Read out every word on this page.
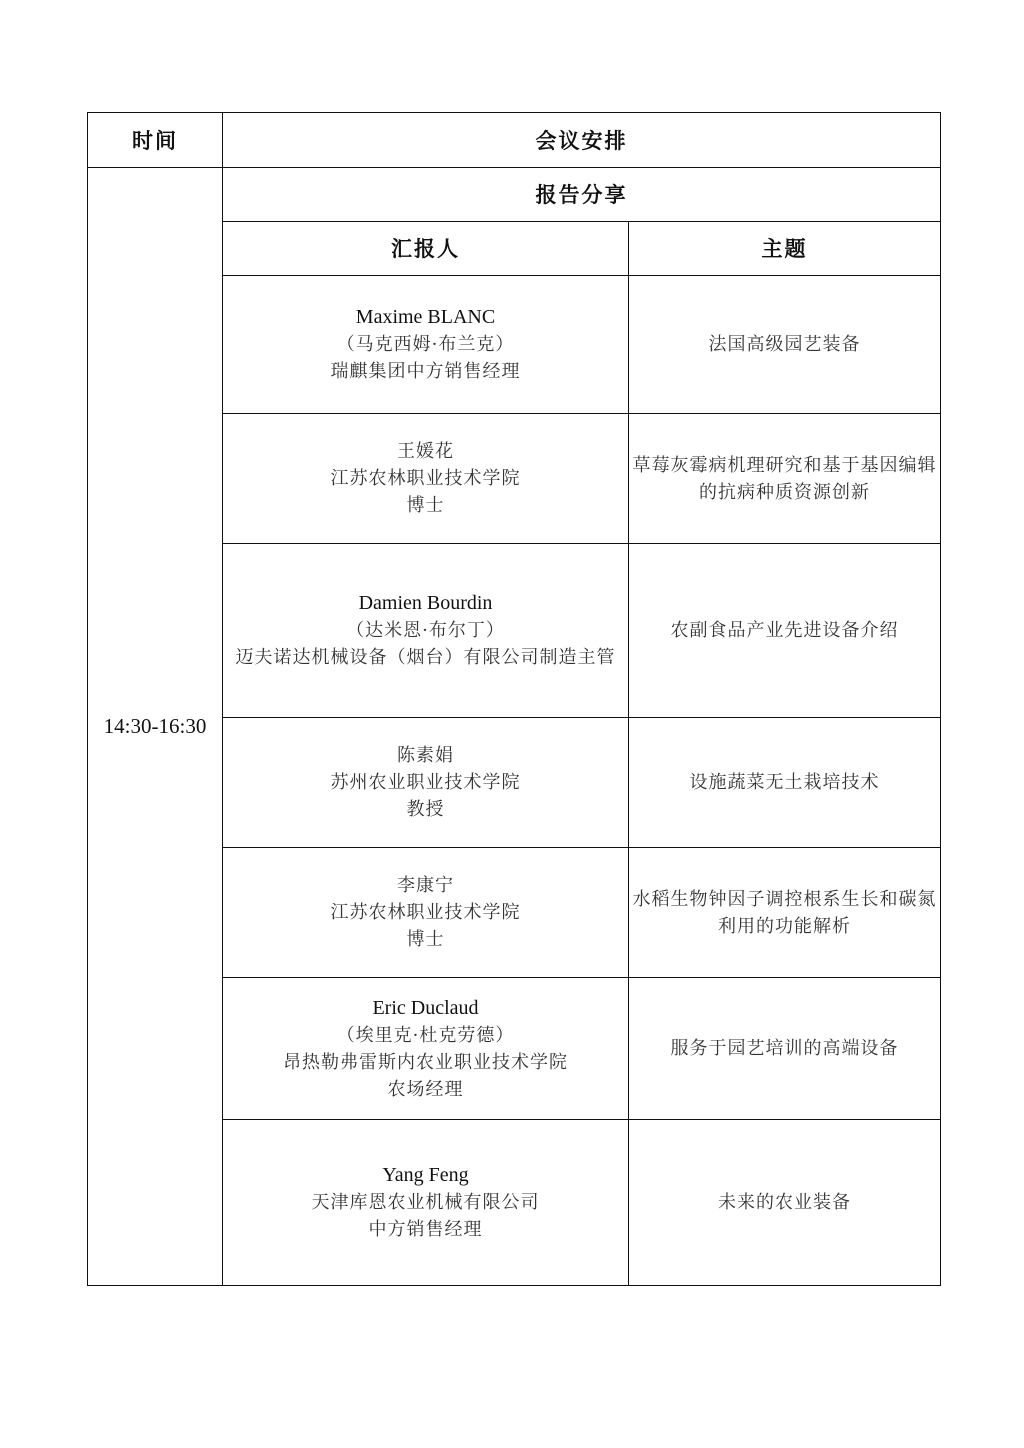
时间	会议安排	
14:30-16:30	报告分享	
	汇报人	主题

	Maxime BLANC
（马克西姆·布兰克）
瑞麒集团中方销售经理	法国高级园艺装备

	王媛花
江苏农林职业技术学院
博士	草莓灰霉病机理研究和基于基因编辑的抗病种质资源创新

	Damien Bourdin
（达米恩·布尔丁）
迈夫诺达机械设备（烟台）有限公司制造主管	农副食品产业先进设备介绍

	陈素娟
苏州农业职业技术学院
教授	设施蔬菜无土栽培技术

	李康宁
江苏农林职业技术学院
博士	水稻生物钟因子调控根系生长和碳氮利用的功能解析

	Eric Duclaud
（埃里克·杜克劳德）
昂热勒弗雷斯内农业职业技术学院
农场经理	服务于园艺培训的高端设备

	Yang Feng
天津库恩农业机械有限公司
中方销售经理	未来的农业装备
